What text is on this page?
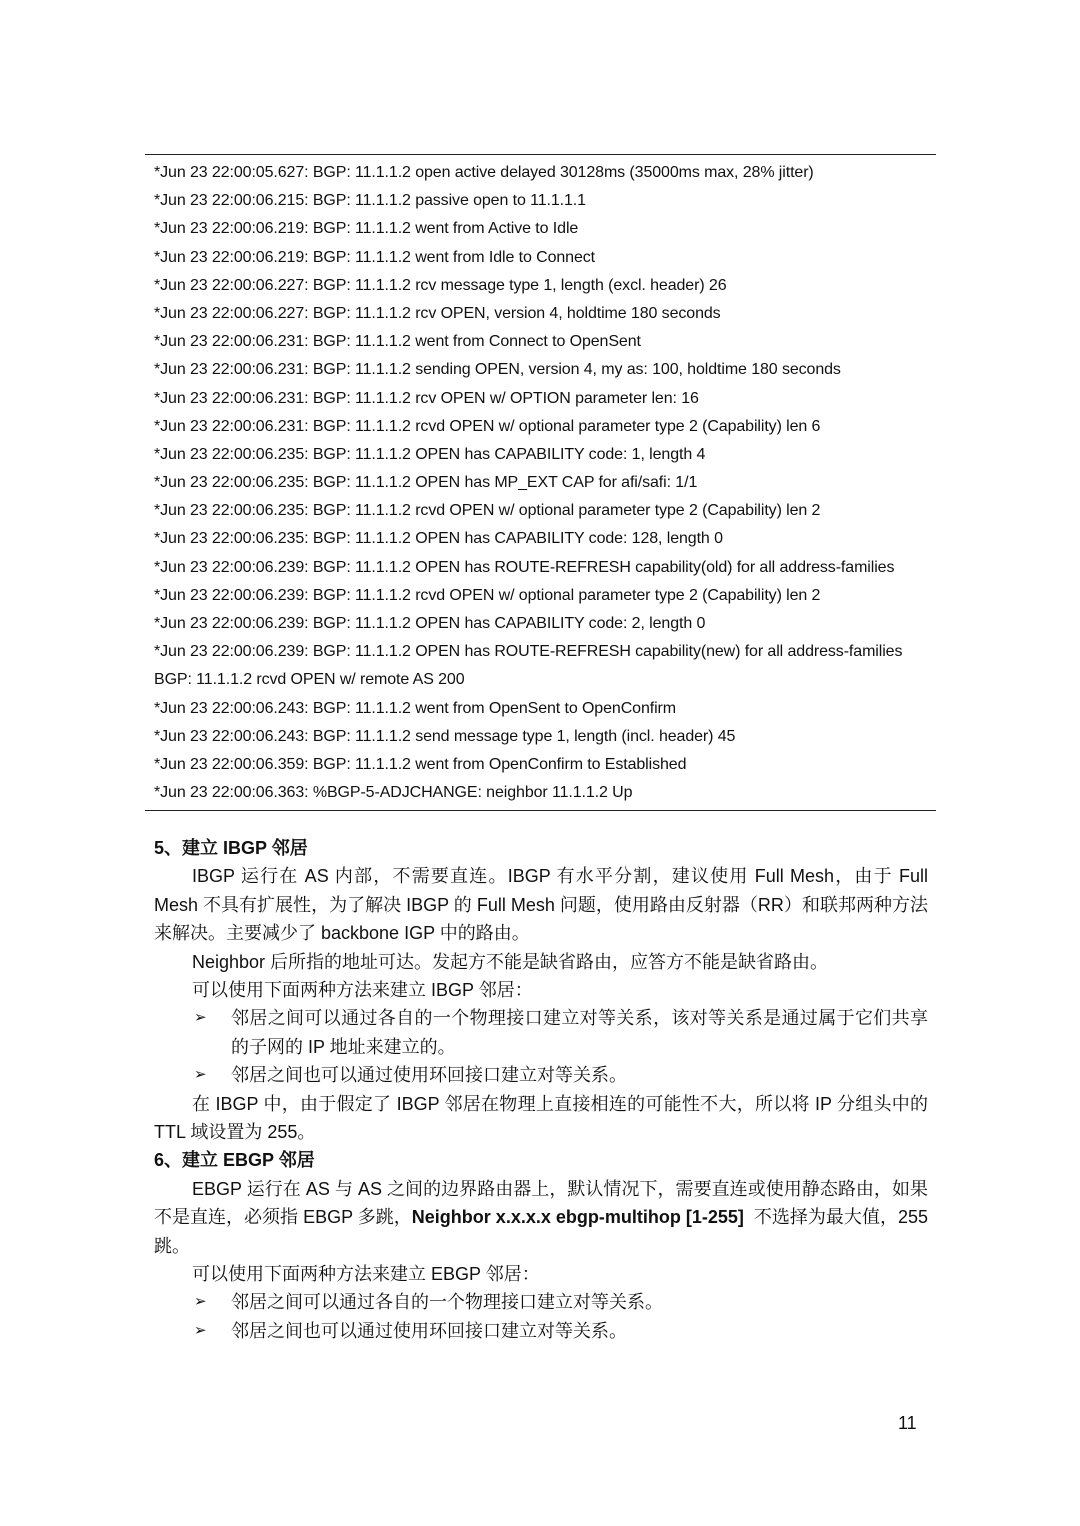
*Jun 23 22:00:05.627: BGP: 11.1.1.2 open active delayed 30128ms (35000ms max, 28% jitter)
*Jun 23 22:00:06.215: BGP: 11.1.1.2 passive open to 11.1.1.1
*Jun 23 22:00:06.219: BGP: 11.1.1.2 went from Active to Idle
*Jun 23 22:00:06.219: BGP: 11.1.1.2 went from Idle to Connect
*Jun 23 22:00:06.227: BGP: 11.1.1.2 rcv message type 1, length (excl. header) 26
*Jun 23 22:00:06.227: BGP: 11.1.1.2 rcv OPEN, version 4, holdtime 180 seconds
*Jun 23 22:00:06.231: BGP: 11.1.1.2 went from Connect to OpenSent
*Jun 23 22:00:06.231: BGP: 11.1.1.2 sending OPEN, version 4, my as: 100, holdtime 180 seconds
*Jun 23 22:00:06.231: BGP: 11.1.1.2 rcv OPEN w/ OPTION parameter len: 16
*Jun 23 22:00:06.231: BGP: 11.1.1.2 rcvd OPEN w/ optional parameter type 2 (Capability) len 6
*Jun 23 22:00:06.235: BGP: 11.1.1.2 OPEN has CAPABILITY code: 1, length 4
*Jun 23 22:00:06.235: BGP: 11.1.1.2 OPEN has MP_EXT CAP for afi/safi: 1/1
*Jun 23 22:00:06.235: BGP: 11.1.1.2 rcvd OPEN w/ optional parameter type 2 (Capability) len 2
*Jun 23 22:00:06.235: BGP: 11.1.1.2 OPEN has CAPABILITY code: 128, length 0
*Jun 23 22:00:06.239: BGP: 11.1.1.2 OPEN has ROUTE-REFRESH capability(old) for all address-families
*Jun 23 22:00:06.239: BGP: 11.1.1.2 rcvd OPEN w/ optional parameter type 2 (Capability) len 2
*Jun 23 22:00:06.239: BGP: 11.1.1.2 OPEN has CAPABILITY code: 2, length 0
*Jun 23 22:00:06.239: BGP: 11.1.1.2 OPEN has ROUTE-REFRESH capability(new) for all address-families
BGP: 11.1.1.2 rcvd OPEN w/ remote AS 200
*Jun 23 22:00:06.243: BGP: 11.1.1.2 went from OpenSent to OpenConfirm
*Jun 23 22:00:06.243: BGP: 11.1.1.2 send message type 1, length (incl. header) 45
*Jun 23 22:00:06.359: BGP: 11.1.1.2 went from OpenConfirm to Established
*Jun 23 22:00:06.363: %BGP-5-ADJCHANGE: neighbor 11.1.1.2 Up
5、建立 IBGP 邻居

IBGP 运行在 AS 内部，不需要直连。IBGP 有水平分割，建议使用 Full Mesh，由于 Full Mesh 不具有扩展性，为了解决 IBGP 的 Full Mesh 问题，使用路由反射器（RR）和联邦两种方法来解决。主要减少了 backbone IGP 中的路由。

Neighbor 后所指的地址可达。发起方不能是缺省路由，应答方不能是缺省路由。

可以使用下面两种方法来建立 IBGP 邻居：

➢ 邻居之间可以通过各自的一个物理接口建立对等关系，该对等关系是通过属于它们共享的子网的 IP 地址来建立的。

➢ 邻居之间也可以通过使用环回接口建立对等关系。

在 IBGP 中，由于假定了 IBGP 邻居在物理上直接相连的可能性不大，所以将 IP 分组头中的 TTL 域设置为 255。

6、建立 EBGP 邻居

EBGP 运行在 AS 与 AS 之间的边界路由器上，默认情况下，需要直连或使用静态路由，如果不是直连，必须指 EBGP 多跳，Neighbor x.x.x.x ebgp-multihop [1-255]  不选择为最大值，255 跳。

可以使用下面两种方法来建立 EBGP 邻居：

➢ 邻居之间可以通过各自的一个物理接口建立对等关系。

➢ 邻居之间也可以通过使用环回接口建立对等关系。

11
